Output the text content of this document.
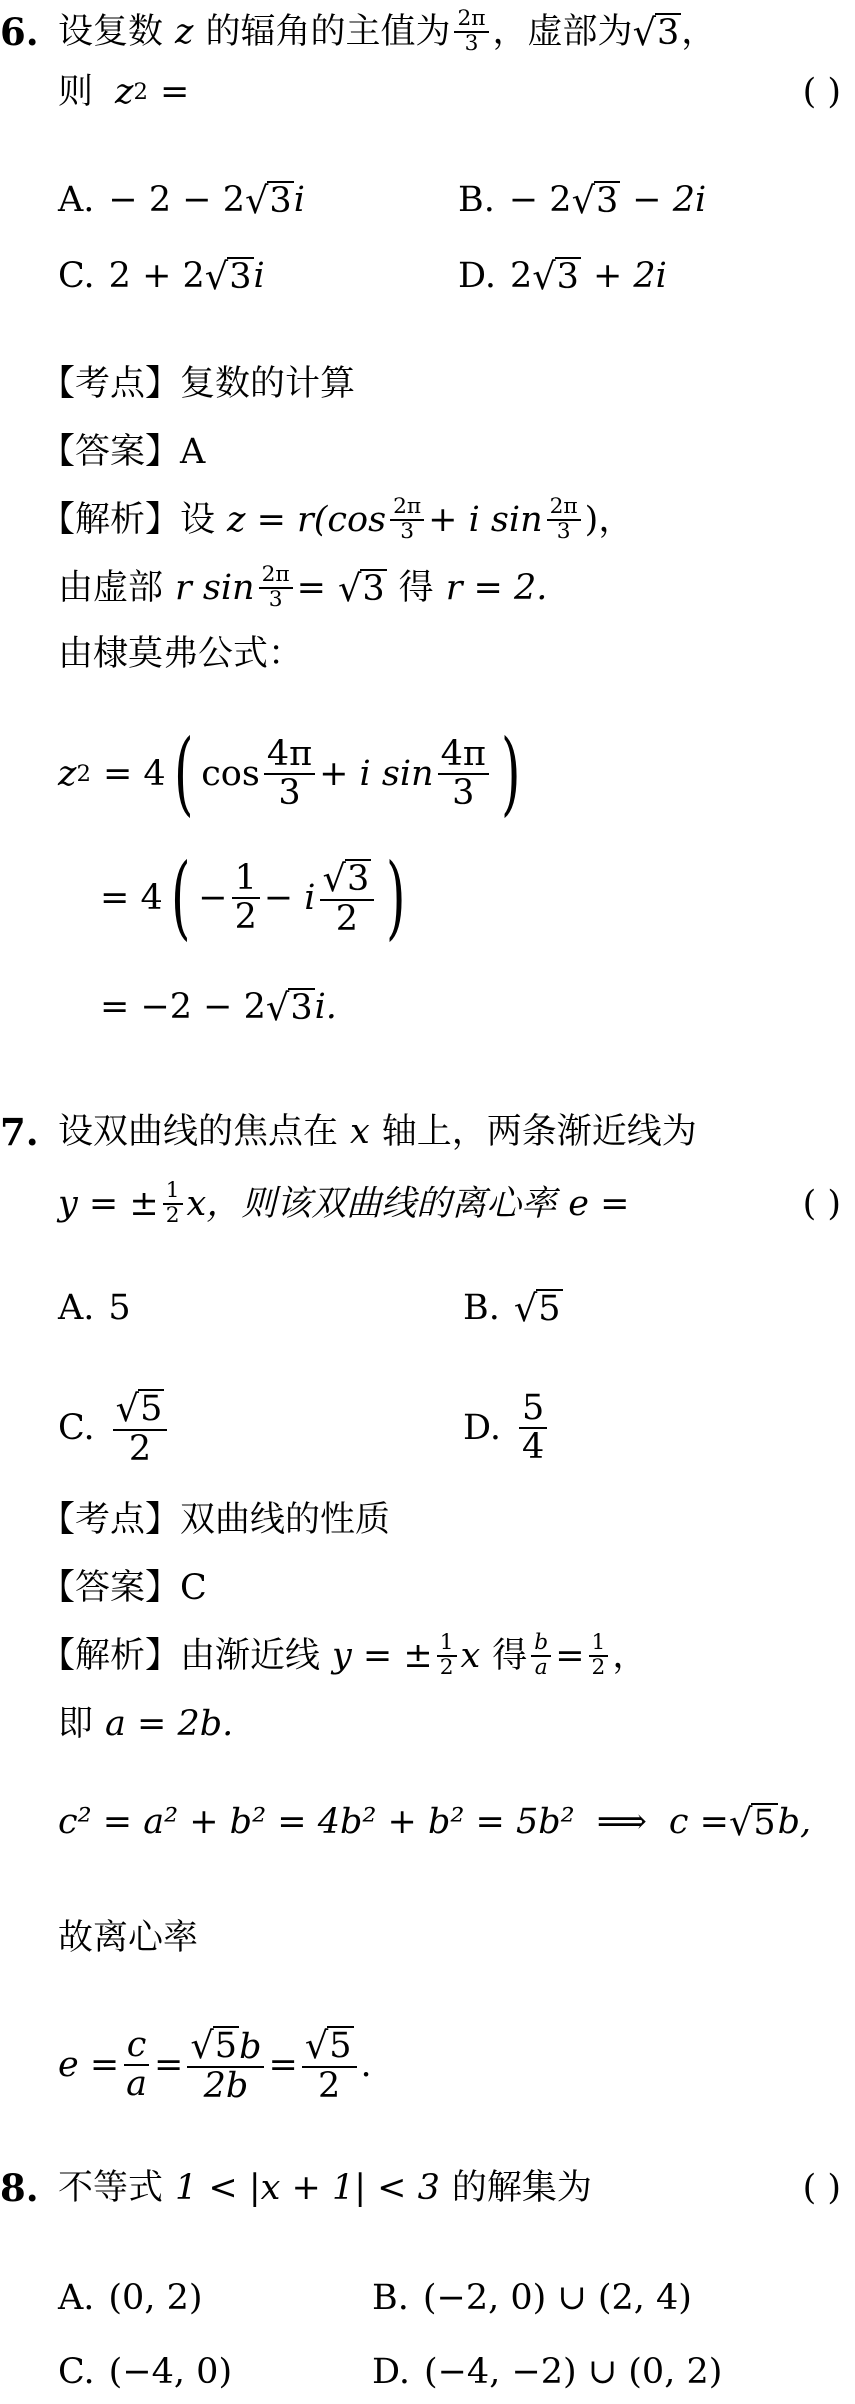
6. 设复数 z 的辐角的主值为 $\frac{2\pi}{3}$ ，虚部为 √ 3 ，
则 z 2 =	( )
A. − 2 − 2 √ 3 i	B. − 2 √ 3 − 2i
C. 2 + 2 √ 3 i	D. 2 √ 3 + 2i
【考点】 复数的计算
【答案】 A
【解析】 设 $z = r(\cos \frac{2\pi}{3} + i$ $\sin \frac{2\pi}{3}$ )，
由虚部 r $\sin \frac{2\pi}{3}$ = √ 3 得 r = 2.
由棣莫弗公式：
z 2 = 4 ( $\cos \frac{4\pi}{3} + i$ $\sin \frac{4\pi}{3}$ )
= 4 ( − $\frac{1}{2} - i \frac{√ 3}{2}$ )
= −2 − 2 √ 3 i.
7. 设双曲线的焦点在 x 轴上，两条渐近线为
y = ± $\frac{1}{2}$ x，则该双曲线的离心率 e =	( )
A. 5	B. √ 5
C. $\frac{√ 5}{2}$	D. $\frac{5}{4}$
【考点】 双曲线的性质
【答案】 C
【解析】 由渐近线 y = ± $\frac{1}{2}$ x 得 $\frac{b}{a} = \frac{1}{2}$ ，
即 a = 2b.
c² = a² + b² = 4b² + b² = 5b² ⟹ c = √ 5 b,
故离心率
$e = \frac{c}{a} = \frac{√ 5 b}{2b} = \frac{√ 5}{2}$ .
8. 不等式 1 < |x + 1| < 3 的解集为	( )
A. (0, 2)	B. (−2, 0) ∪ (2, 4)
C. (−4, 0)	D. (−4, −2) ∪ (0, 2)
